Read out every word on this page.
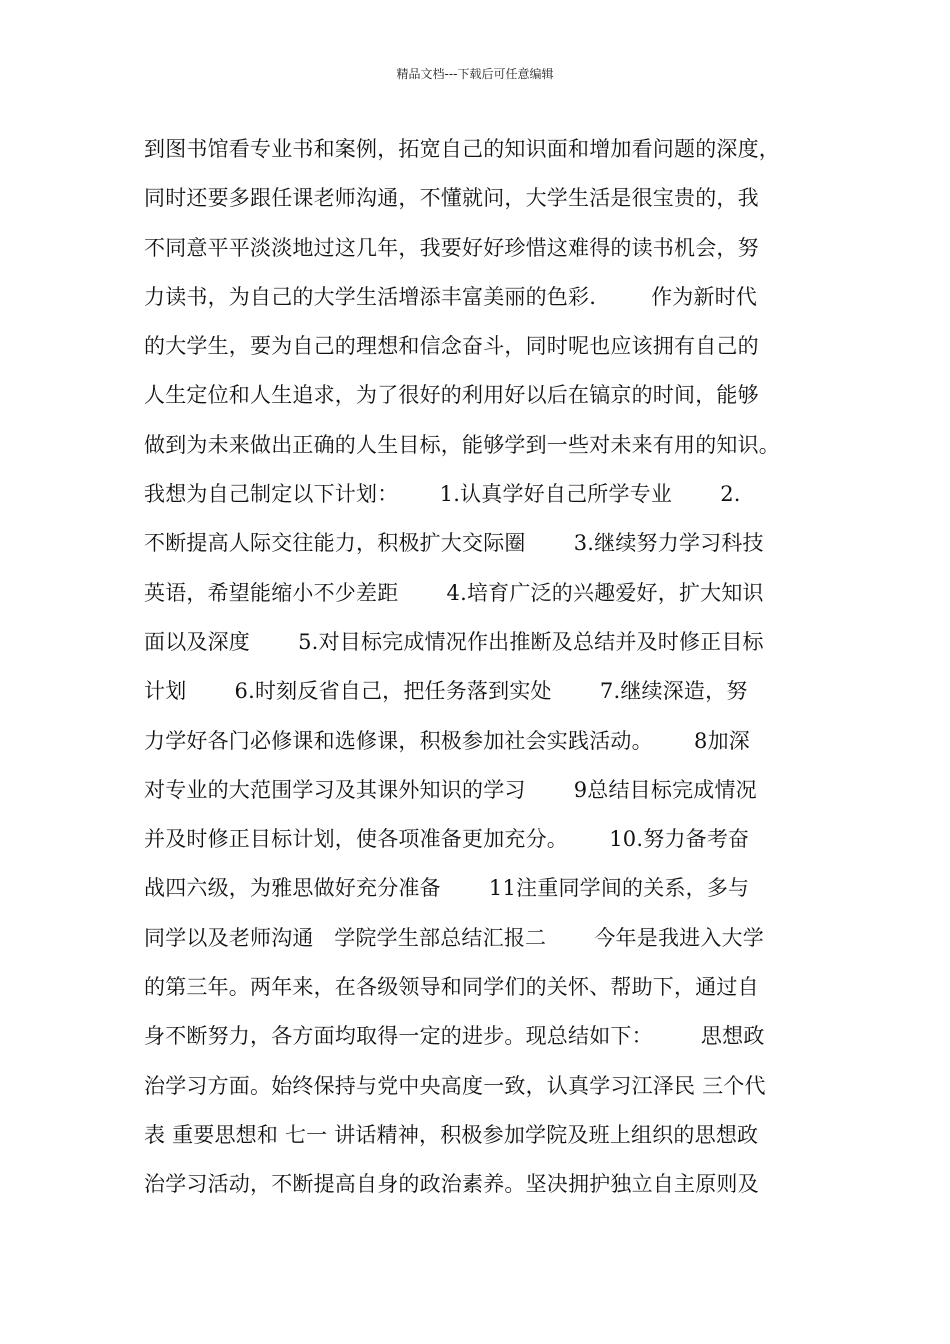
精品文档---下载后可任意编辑
到图书馆看专业书和案例，拓宽自己的知识面和增加看问题的深度，
同时还要多跟任课老师沟通，不懂就问，大学生活是很宝贵的，我
不同意平平淡淡地过这几年，我要好好珍惜这难得的读书机会，努
力读书，为自己的大学生活增添丰富美丽的色彩.        作为新时代
的大学生，要为自己的理想和信念奋斗，同时呢也应该拥有自己的
人生定位和人生追求，为了很好的利用好以后在镐京的时间，能够
做到为未来做出正确的人生目标，能够学到一些对未来有用的知识。
我想为自己制定以下计划：      1.认真学好自己所学专业       2.
不断提高人际交往能力，积极扩大交际圈       3.继续努力学习科技
英语，希望能缩小不少差距       4.培育广泛的兴趣爱好，扩大知识
面以及深度       5.对目标完成情况作出推断及总结并及时修正目标
计划       6.时刻反省自己，把任务落到实处       7.继续深造，努
力学好各门必修课和选修课，积极参加社会实践活动。      8加深
对专业的大范围学习及其课外知识的学习       9总结目标完成情况
并及时修正目标计划，使各项准备更加充分。      10.努力备考奋
战四六级，为雅思做好充分准备       11注重同学间的关系，多与
同学以及老师沟通   学院学生部总结汇报二       今年是我进入大学
的第三年。两年来，在各级领导和同学们的关怀、帮助下，通过自
身不断努力，各方面均取得一定的进步。现总结如下：       思想政
治学习方面。始终保持与党中央高度一致，认真学习江泽民 三个代
表 重要思想和 七一 讲话精神，积极参加学院及班上组织的思想政
治学习活动，不断提高自身的政治素养。坚决拥护独立自主原则及
